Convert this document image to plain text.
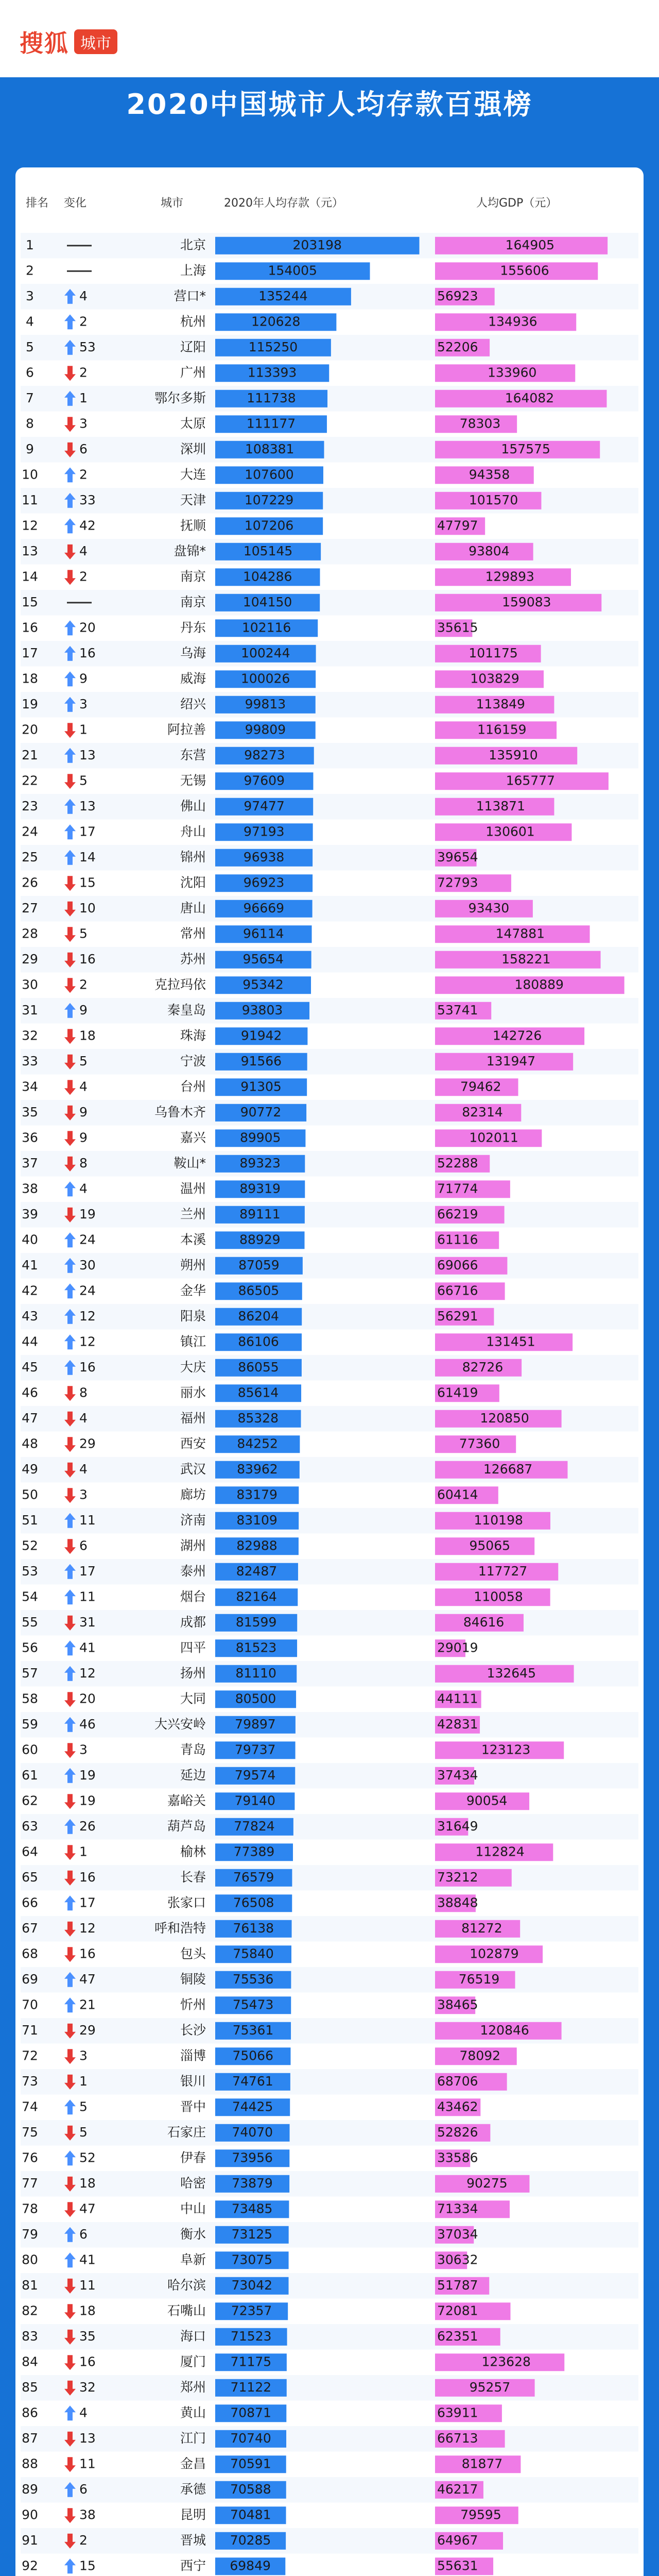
搜狐 城市
2020中国城市人均存款百强榜
排名 变化	城市	2020年人均存款（元）	人均GDP（元）
1	北京	203198	164905
2	上海	154005	155606
3	4	营口*	135244	56923
4	2	杭州	120628	134936
5	53	辽阳	115250	52206
6	2	广州	113393	133960
7	1	鄂尔多斯	111738	164082
8	3	太原	111177	78303
9	6	深圳	108381	157575
10	2	大连	107600	94358
11	33	天津	107229	101570
12	42	抚顺	107206	47797
13	4	盘锦*	105145	93804
14	2	南京	104286	129893
15	南京	104150	159083
16	20	丹东	102116	35615
17	16	乌海	100244	101175
18	9	威海	100026	103829
19	3	绍兴	99813	113849
20	1	阿拉善	99809	116159
21	13	东营	98273	135910
22	5	无锡	97609	165777
23	13	佛山	97477	113871
24	17	舟山	97193	130601
25	14	锦州	96938	39654
26	15	沈阳	96923	72793
27	10	唐山	96669	93430
28	5	常州	96114	147881
29	16	苏州	95654	158221
30	2	克拉玛依	95342	180889
31	9	秦皇岛	93803	53741
32	18	珠海	91942	142726
33	5	宁波	91566	131947
34	4	台州	91305	79462
35	9	乌鲁木齐	90772	82314
36	9	嘉兴	89905	102011
37	8	鞍山*	89323	52288
38	4	温州	89319	71774
39	19	兰州	89111	66219
40	24	本溪	88929	61116
41	30	朔州	87059	69066
42	24	金华	86505	66716
43	12	阳泉 86204	56291
44	12	镇江 86106	131451
45	16	大庆 86055	82726
46	8	丽水 85614	61419
47	4	福州 85328	120850
48	29	西安 84252	77360
49	4	武汉 83962	126687
50	3	廊坊 83179	60414
51	11	济南 83109	110198
52	6	湖州 82988	95065
53	17	泰州 82487	117727
54	11	烟台 82164	110058
55	31	成都 81599	84616
56	41	四平 81523	29019
57	12	扬州 81110	132645
58	20	大同 80500	44111
59	46	大兴安岭 79897	42831
60	3	青岛 79737	123123
61	19	延边 79574	37434
62	19	嘉峪关 79140	90054
63	26	葫芦岛 77824	31649
64	1	榆林 77389	112824
65	16	长春 76579	73212
66	17	张家口 76508	38848
67	12	呼和浩特 76138	81272
68	16	包头 75840	102879
69	47	铜陵 75536	76519
70	21	忻州 75473	38465
71	29	长沙 75361	120846
72	3	淄博 75066	78092
73	1	银川 74761	68706
74	5	晋中 74425	43462
75	5	石家庄 74070	52826
76	52	伊春 73956	33586
77	18	哈密 73879	90275
78	47	中山 73485	71334
79	6	衡水 73125	37034
80	41	阜新 73075	30632
81	11	哈尔滨 73042	51787
82	18	石嘴山 72357	72081
83	35	海口 71523	62351
84	16	厦门 71175	123628
85	32	郑州 71122	95257
86	4	黄山 70871	63911
87	13	江门 70740	66713
88	11	金昌 70591	81877
89	6	承德 70588	46217
90	38	昆明 70481	79595
91	2	晋城 70285	64967
92	15	西宁 69849	55631
